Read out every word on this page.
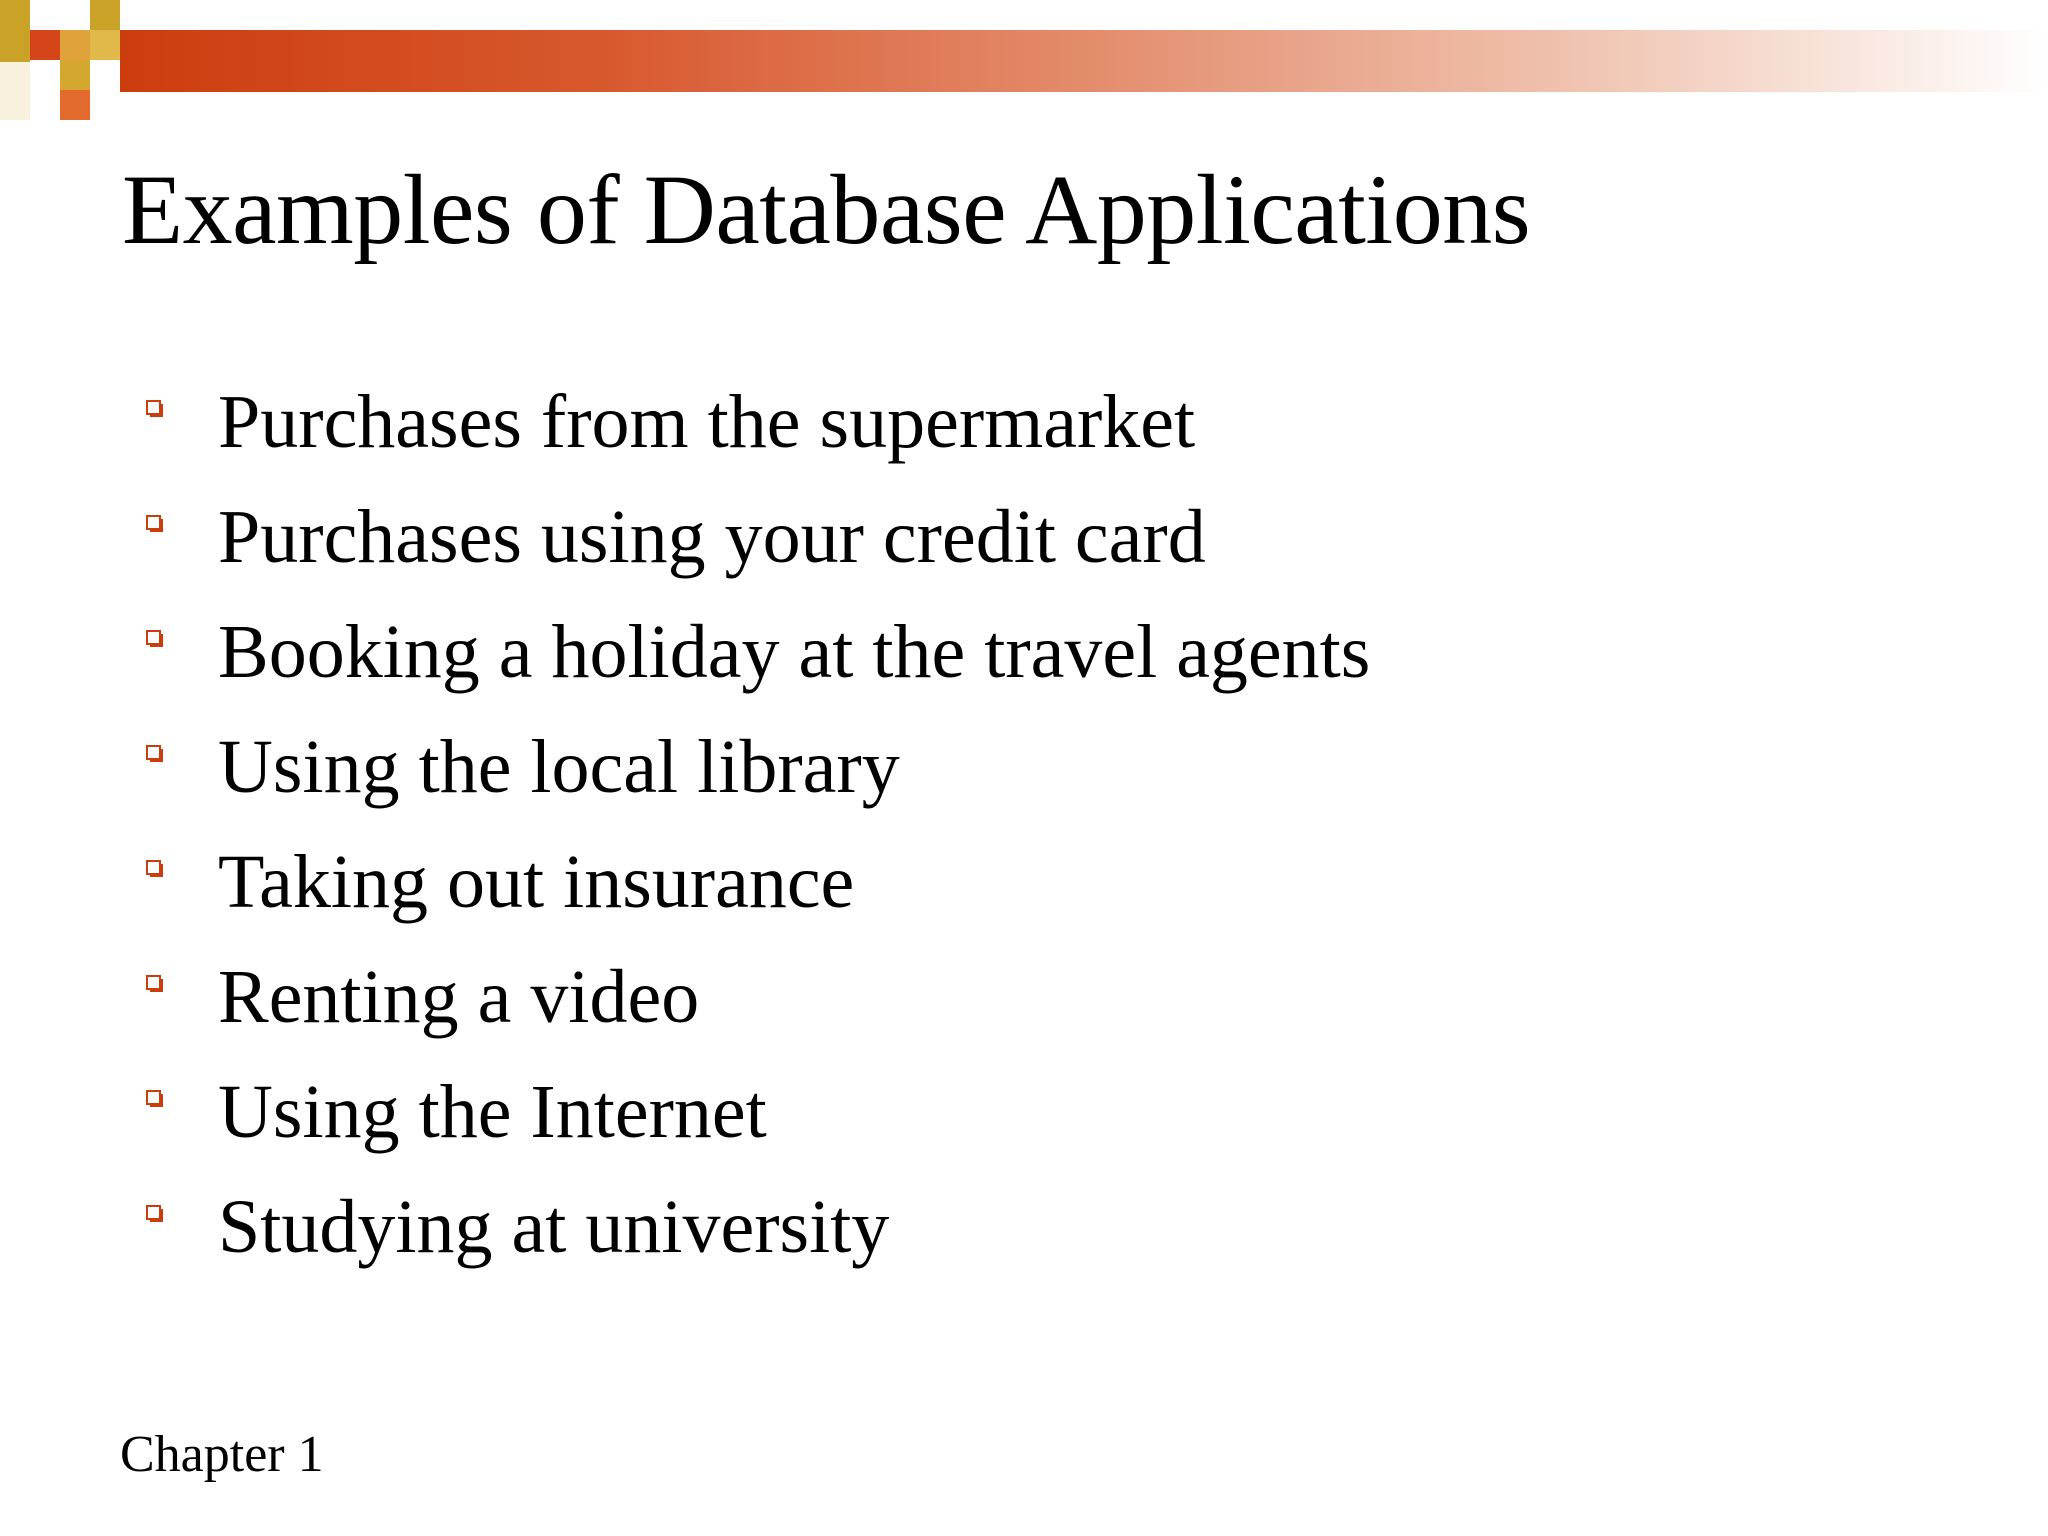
Examples of Database Applications
Purchases from the supermarket
Purchases using your credit card
Booking a holiday at the travel agents
Using the local library
Taking out insurance
Renting a video
Using the Internet
Studying at university
Chapter 1
